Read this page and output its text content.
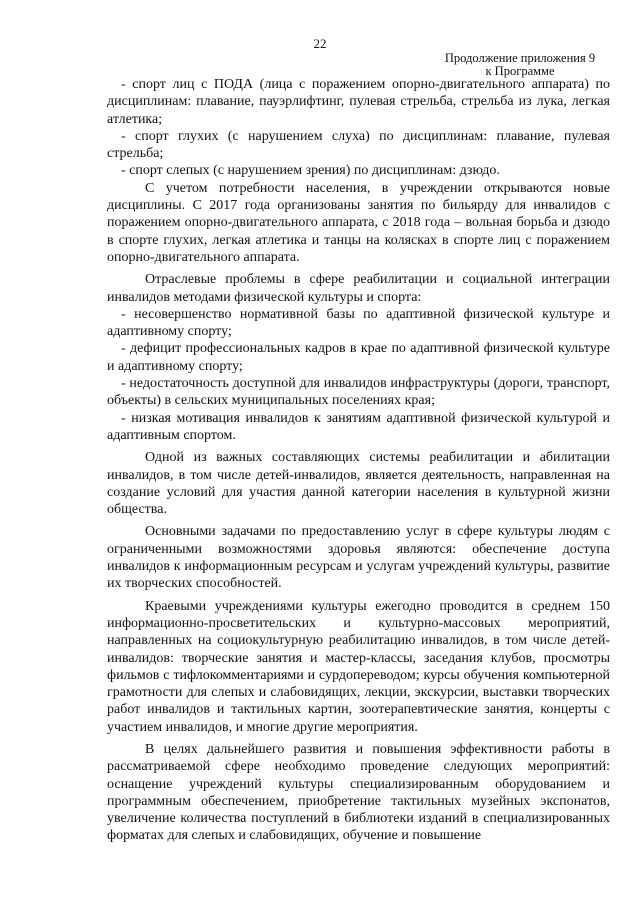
22
Продолжение приложения 9
к Программе

- спорт лиц с ПОДА (лица с поражением опорно-двигательного аппарата) по дисциплинам: плавание, пауэрлифтинг, пулевая стрельба, стрельба из лука, легкая атлетика;

- спорт глухих (с нарушением слуха) по дисциплинам: плавание, пулевая стрельба;

- спорт слепых (с нарушением зрения) по дисциплинам: дзюдо.

С учетом потребности населения, в учреждении открываются новые дисциплины. С 2017 года организованы занятия по бильярду для инвалидов с поражением опорно-двигательного аппарата, с 2018 года – вольная борьба и дзюдо в спорте глухих, легкая атлетика и танцы на колясках в спорте лиц с поражением опорно-двигательного аппарата.

Отраслевые проблемы в сфере реабилитации и социальной интеграции инвалидов методами физической культуры и спорта:

- несовершенство нормативной базы по адаптивной физической культуре и адаптивному спорту;

- дефицит профессиональных кадров в крае по адаптивной физической культуре и адаптивному спорту;

- недостаточность доступной для инвалидов инфраструктуры (дороги, транспорт, объекты) в сельских муниципальных поселениях края;

- низкая мотивация инвалидов к занятиям адаптивной физической культурой и адаптивным спортом.

Одной из важных составляющих системы реабилитации и абилитации инвалидов, в том числе детей-инвалидов, является деятельность, направленная на создание условий для участия данной категории населения в культурной жизни общества.

Основными задачами по предоставлению услуг в сфере культуры людям с ограниченными возможностями здоровья являются: обеспечение доступа инвалидов к информационным ресурсам и услугам учреждений культуры, развитие их творческих способностей.

Краевыми учреждениями культуры ежегодно проводится в среднем 150 информационно-просветительских и культурно-массовых мероприятий, направленных на социокультурную реабилитацию инвалидов, в том числе детей-инвалидов: творческие занятия и мастер-классы, заседания клубов, просмотры фильмов с тифлокомментариями и сурдопереводом; курсы обучения компьютерной грамотности для слепых и слабовидящих, лекции, экскурсии, выставки творческих работ инвалидов и тактильных картин, зоотерапевтические занятия, концерты с участием инвалидов, и многие другие мероприятия.

В целях дальнейшего развития и повышения эффективности работы в рассматриваемой сфере необходимо проведение следующих мероприятий: оснащение учреждений культуры специализированным оборудованием и программным обеспечением, приобретение тактильных музейных экспонатов, увеличение количества поступлений в библиотеки изданий в специализированных форматах для слепых и слабовидящих, обучение и повышение
